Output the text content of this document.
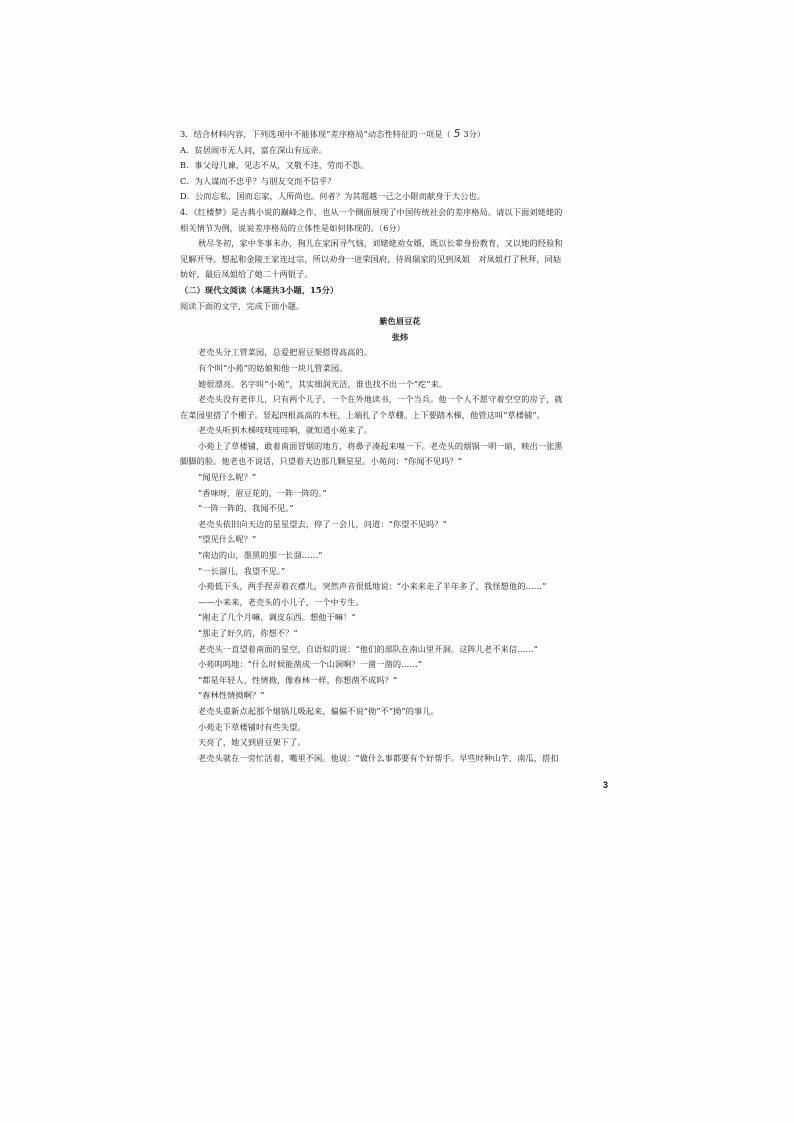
3．结合材料内容，下列选项中不能体现“差序格局”动态性特征的一项是（ 5 3分）
A．贫居闹市无人问，富在深山有远亲。
B．事父母几谏，见志不从，又敬不违，劳而不怨。
C．为人谋而不忠乎？与朋友交而不信乎？
D．公而忘私，国而忘家，人所尚也。何者？为其超越一己之小限而献身于大公也。
4．《红楼梦》是古典小说的巅峰之作，也从一个侧面展现了中国传统社会的差序格局。请以下面刘姥姥的
相关情节为例，说说差序格局的立体性是如何体现的。（6分）
秋尽冬初，家中冬事未办，狗儿在家闲寻气恼，刘姥姥劝女婿，既以长辈身份教育，又以她的经验和
见解开导。想起和金陵王家连过宗，所以劝身一进荣国府，待周瑞家的见到凤姐　对凤姐打了秋拜，同姑
妨好，最后凤姐给了她二十两银子。
（二）现代文阅读（本题共3小题，15分）
阅读下面的文字，完成下面小题。
紫色眉豆花
张炜
老売头分工管菜园，总爱把眉豆架搭得高高的。
有个叫“小苑”的姑娘和他一块儿管菜园。
她很漂亮。名字叫“小苑”，其实细润光洁，谁也找不出一个“疙”来。
老売头没有老伴儿，只有两个儿子，一个在外地读书，一个当兵。他一个人不愿守着空空的房子，就
在菜园里搭了个棚子。竖起四根高高的木柱，上端扎了个草棚。上下要踏木梯，他管这叫“草楼铺”。
老売头听到木梯吱吱哇哇响，就知道小苑来了。
小苑上了草楼铺，敢着南面冒烟的地方，将鼻子凑起来嗅一下。老売头的烟锅一明一暗，映出一张黑
脚脚的脸。他老也不说话，只望着天边那几颗星星。小苑问：“你闻不见吗？”
“闻见什么呢？”
“香味呀，眉豆花的，一阵一阵的。”
“一阵一阵的，我闻不见。”
老売头依旧向天边的星星望去，停了一会儿，问道：“你望不见吗？”
“望见什么呢？”
“南边的山，墨黑的那一长溜……”
“一长溜儿，我望不见。”
小苑低下头，两手捏弄着衣襟儿，突然声音很低地说：“小来来走了半年多了，我怪想他的……”
——小来来，老売头的小儿子，一个中专生。
“刚走了几个月嘛，调皮东西。想他干嘛！”
“那走了好久的，你想不？”
老売头一直望着南面的星空，自语似的说：“他们的部队在南山里开洞。这阵儿老不来信……”
小苑呜呜地：“什么时候能凿成一个山洞啊？一凿一凿的……”
“都是年轻人，性情拗，像春林一样，你想凿不成吗？”
“春林性情拗啊？”
老売头重新点起那个烟锅儿吸起来，偏偏不说“拗”不“拗”的事儿。
小苑走下草楼铺时有些失望。
天亮了，她又到眉豆架下了。
老売头就在一旁忙活着，嘴里不闲。他说：“做什么事都要有个好帮手。早些时种山芋、南瓜，搭扣
3
